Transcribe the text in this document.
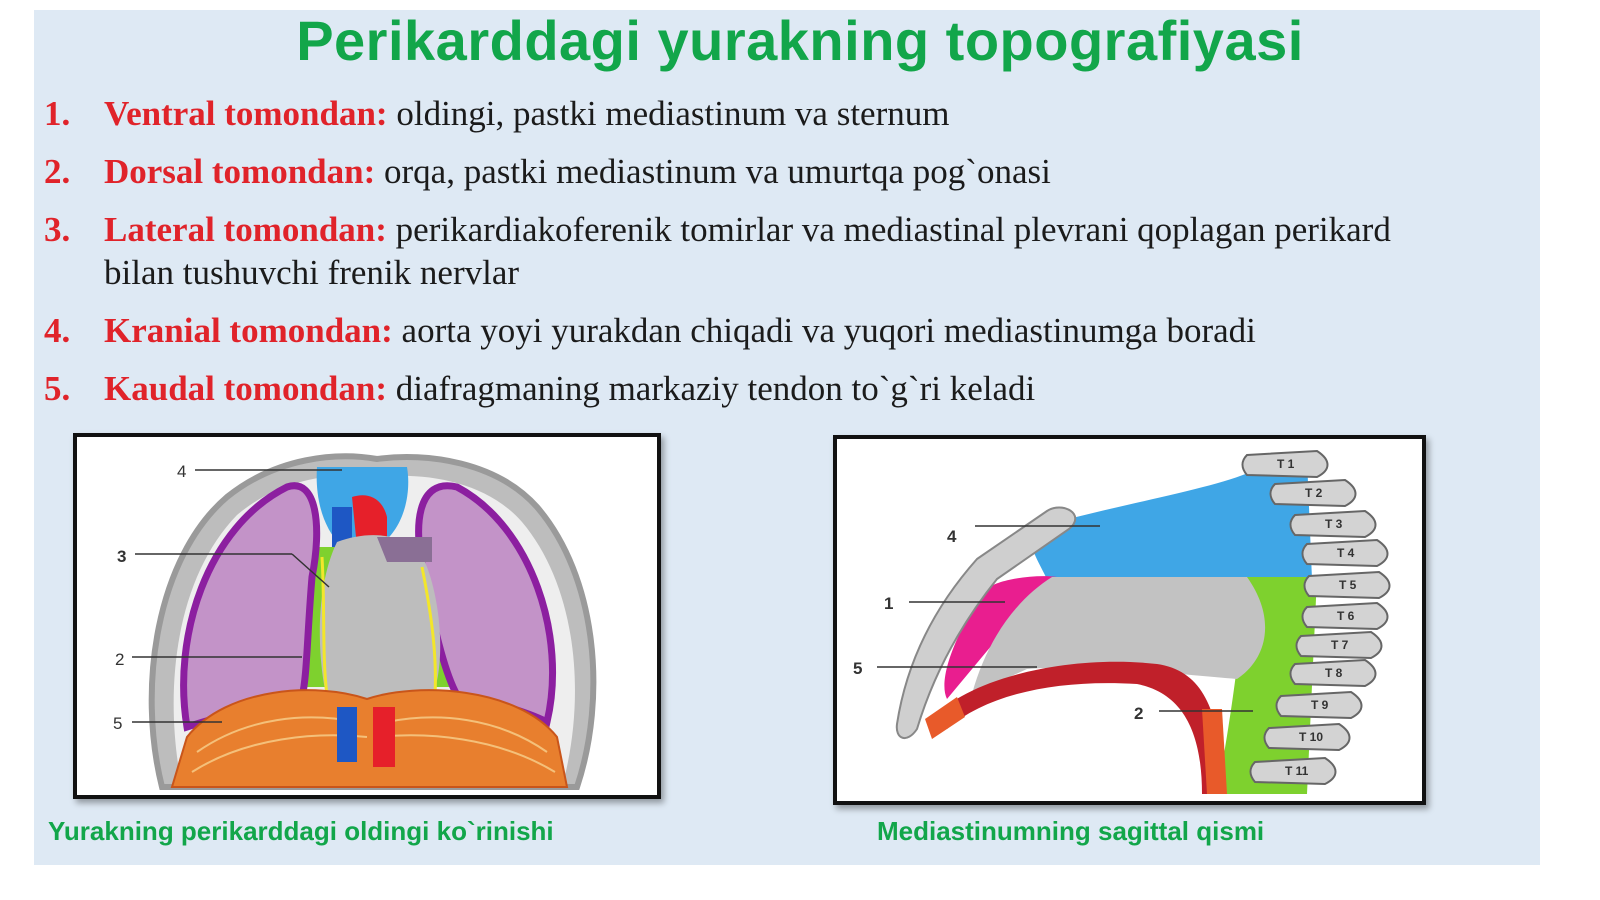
Perikarddagi yurakning topografiyasi
1. Ventral tomondan: oldingi, pastki mediastinum va sternum
2. Dorsal tomondan: orqa, pastki mediastinum va umurtqa pog`onasi
3. Lateral tomondan: perikardiakoferenik tomirlar va mediastinal plevrani qoplagan perikard bilan tushuvchi frenik nervlar
4. Kranial tomondan: aorta yoyi yurakdan chiqadi va yuqori mediastinumga boradi
5. Kaudal tomondan: diafragmaning markaziy tendon to`g`ri keladi
4
3
2
5
T 1
T 2
T 3
T 4
T 5
T 6
T 7
T 8
T 9
T 10
T 11
4
1
5
2
Yurakning perikarddagi oldingi ko`rinishi	Mediastinumning sagittal qismi
